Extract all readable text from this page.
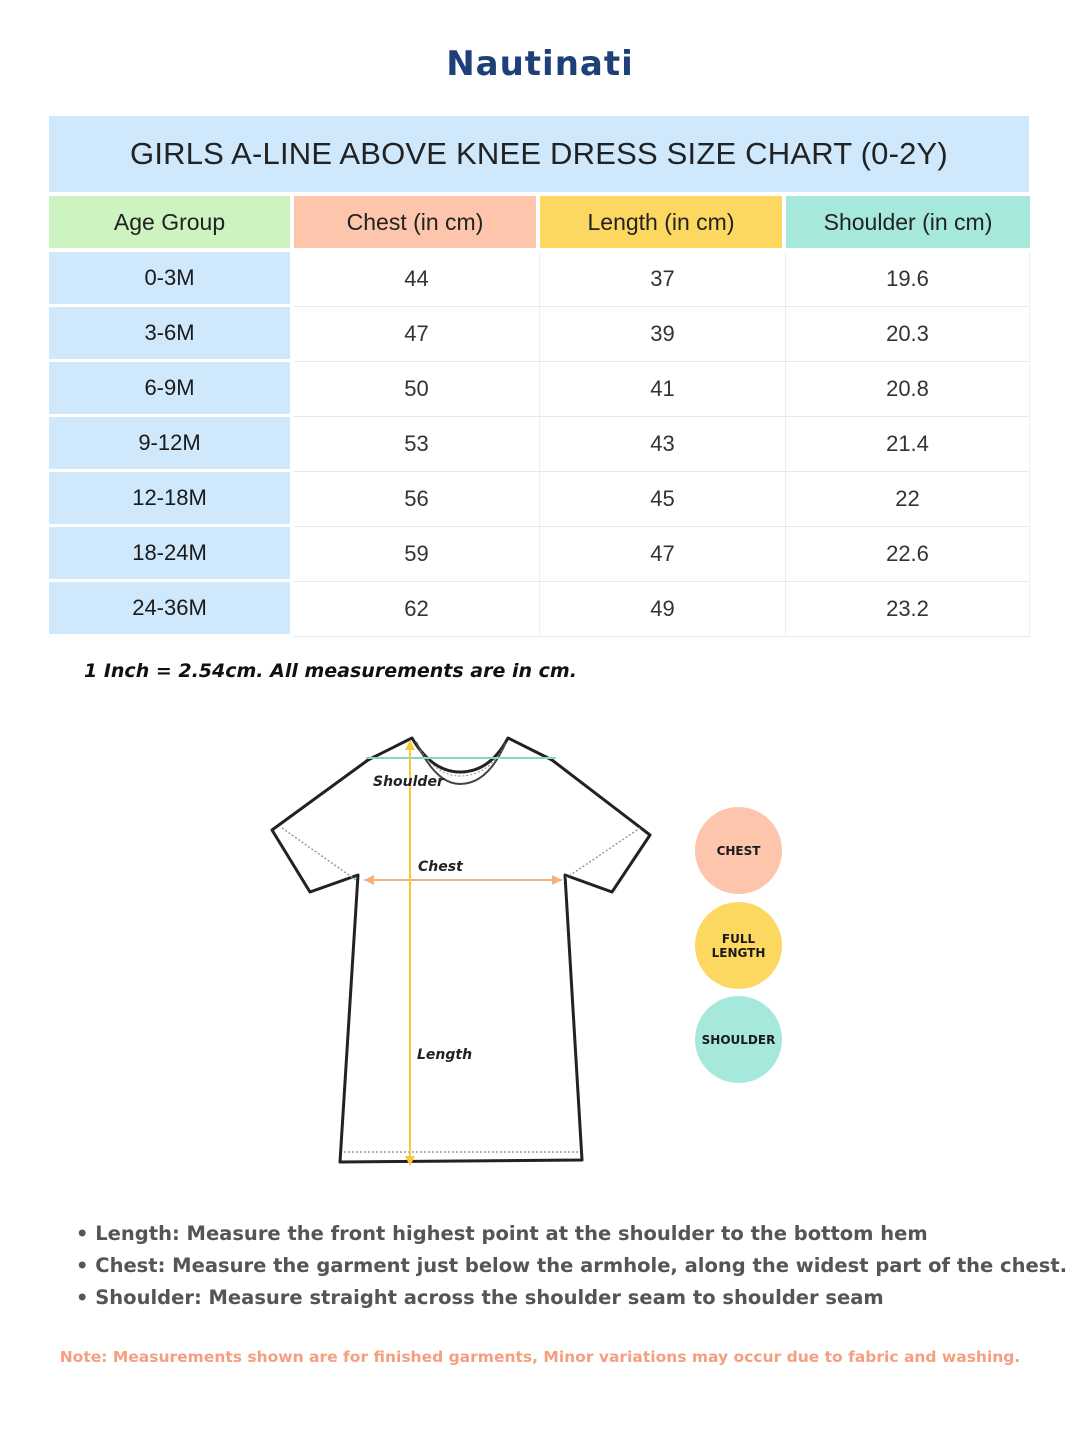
Nautinati
GIRLS A-LINE ABOVE KNEE DRESS SIZE CHART (0-2Y)
Age Group	Chest (in cm)	Length (in cm)	Shoulder (in cm)
0-3M	44	37	19.6
3-6M	47	39	20.3
6-9M	50	41	20.8
9-12M	53	43	21.4
12-18M	56	45	22
18-24M	59	47	22.6
24-36M	62	49	23.2
1 Inch = 2.54cm. All measurements are in cm.
Shoulder
Chest
Length
CHEST
FULL LENGTH
SHOULDER
• Length: Measure the front highest point at the shoulder to the bottom hem
• Chest: Measure the garment just below the armhole, along the widest part of the chest.
• Shoulder: Measure straight across the shoulder seam to shoulder seam
Note: Measurements shown are for finished garments, Minor variations may occur due to fabric and washing.
